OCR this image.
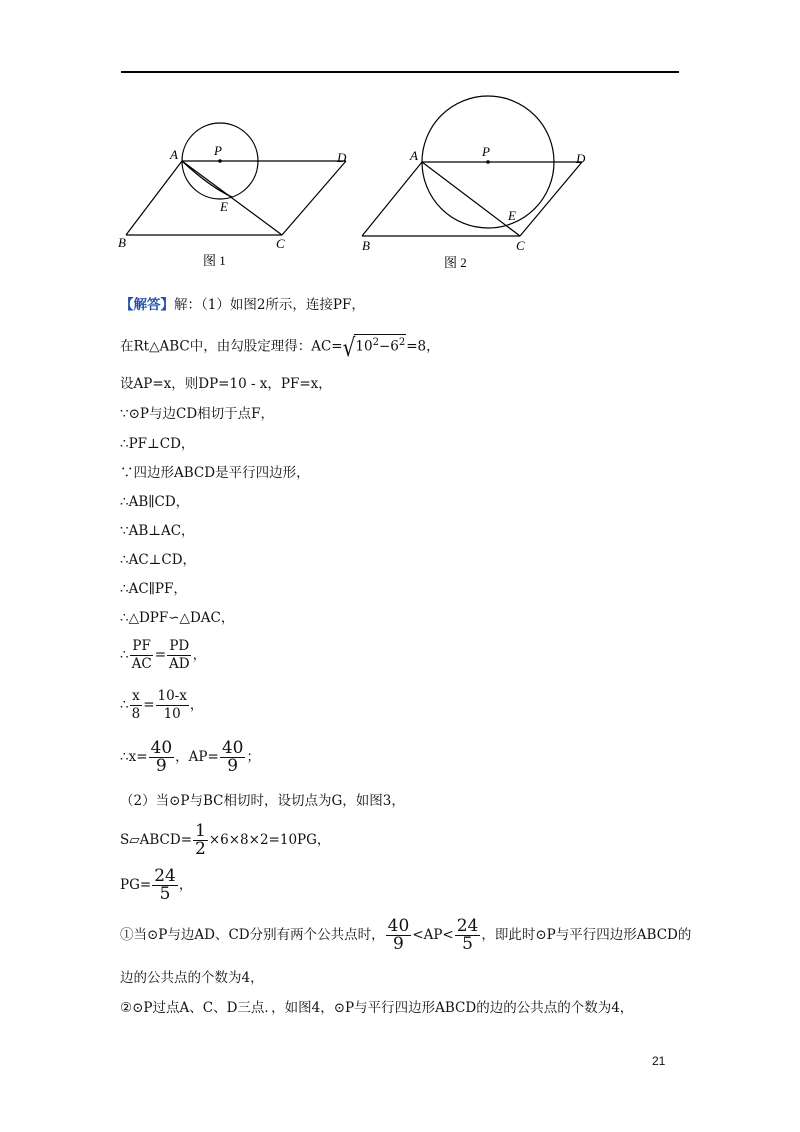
A	P	D
E
B	C
图 1
A	P	D
E
B	C
图 2
【解答】解：（1）如图2所示，连接PF，
在Rt△ABC中，由勾股定理得：$AC=√10^2-6^2=8$，
设AP=x，则DP=10 - x，PF=x，
∵⊙P与边CD相切于点F，
∴PF⊥CD，
∵四边形ABCD是平行四边形，
∴AB∥CD，
∵AB⊥AC，
∴AC⊥CD，
∴AC∥PF，
∴△DPF∽△DAC，
∴ $\frac{PF}{AC} = \frac{PD}{AD}$ ，
∴ $\frac{x}{8} = \frac{10-x}{10}$ ，
∴x= $\frac{40}{9}$ ，$AP= \frac{40}{9}$ ；
（2）当⊙P与BC相切时，设切点为G，如图3，
S▱ABCD= $\frac{1}{2} \times 6\times 8\times 2=10PG$，
$PG= \frac{24}{5}$ ，
①当⊙P与边AD、CD分别有两个公共点时， $\frac{40}{9} <AP< \frac{24}{5}$ ，即此时⊙P与平行四边形ABCD的
边的公共点的个数为4，
②⊙P过点A、C、D三点．，如图4，⊙P与平行四边形ABCD的边的公共点的个数为4，
21
